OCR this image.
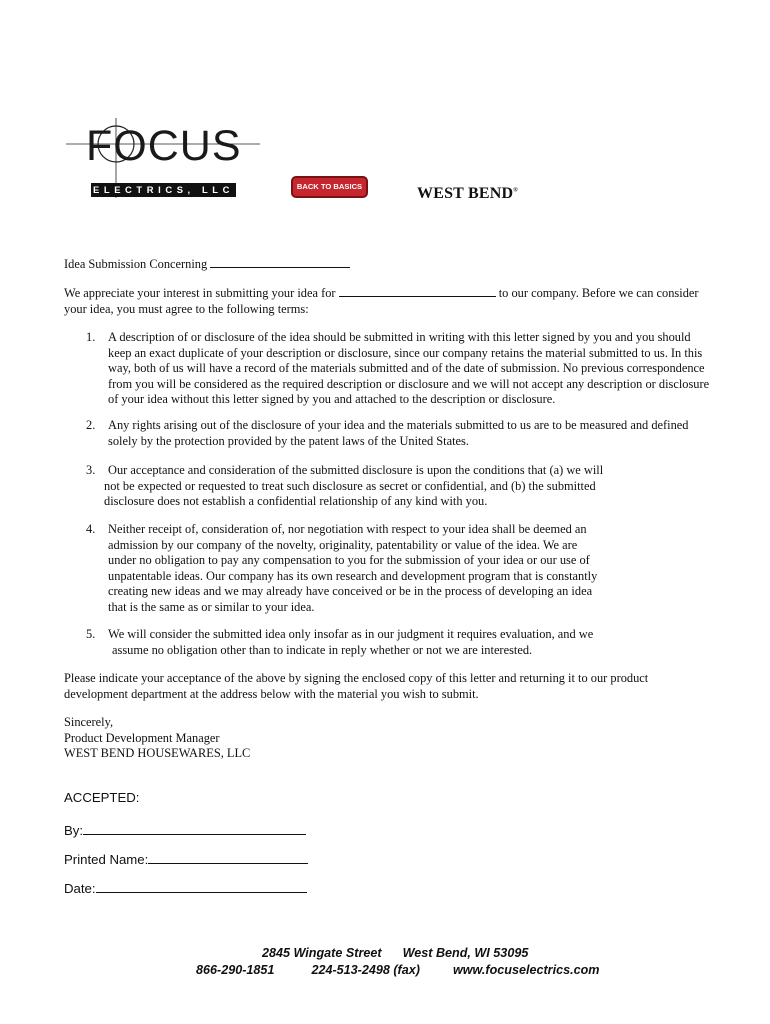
FOCUS
ELECTRICS, LLC	BACK TO BASICS	WEST BEND®
Idea Submission Concerning
We appreciate your interest in submitting your idea for	to our company. Before we can consider
your idea, you must agree to the following terms:
1. A description of or disclosure of the idea should be submitted in writing with this letter signed by you and you should
keep an exact duplicate of your description or disclosure, since our company retains the material submitted to us. In this
way, both of us will have a record of the materials submitted and of the date of submission. No previous correspondence
from you will be considered as the required description or disclosure and we will not accept any description or disclosure
of your idea without this letter signed by you and attached to the description or disclosure.
2. Any rights arising out of the disclosure of your idea and the materials submitted to us are to be measured and defined
solely by the protection provided by the patent laws of the United States.
3. Our acceptance and consideration of the submitted disclosure is upon the conditions that (a) we will
not be expected or requested to treat such disclosure as secret or confidential, and (b) the submitted
disclosure does not establish a confidential relationship of any kind with you.
4. Neither receipt of, consideration of, nor negotiation with respect to your idea shall be deemed an
admission by our company of the novelty, originality, patentability or value of the idea. We are
under no obligation to pay any compensation to you for the submission of your idea or our use of
unpatentable ideas. Our company has its own research and development program that is constantly
creating new ideas and we may already have conceived or be in the process of developing an idea
that is the same as or similar to your idea.
5. We will consider the submitted idea only insofar as in our judgment it requires evaluation, and we
assume no obligation other than to indicate in reply whether or not we are interested.
Please indicate your acceptance of the above by signing the enclosed copy of this letter and returning it to our product
development department at the address below with the material you wish to submit.
Sincerely,
Product Development Manager
WEST BEND HOUSEWARES, LLC
ACCEPTED:
By:
Printed Name:
Date:
2845 Wingate Street West Bend, WI 53095
866-290-1851	224-513-2498 (fax)	www.focuselectrics.com
